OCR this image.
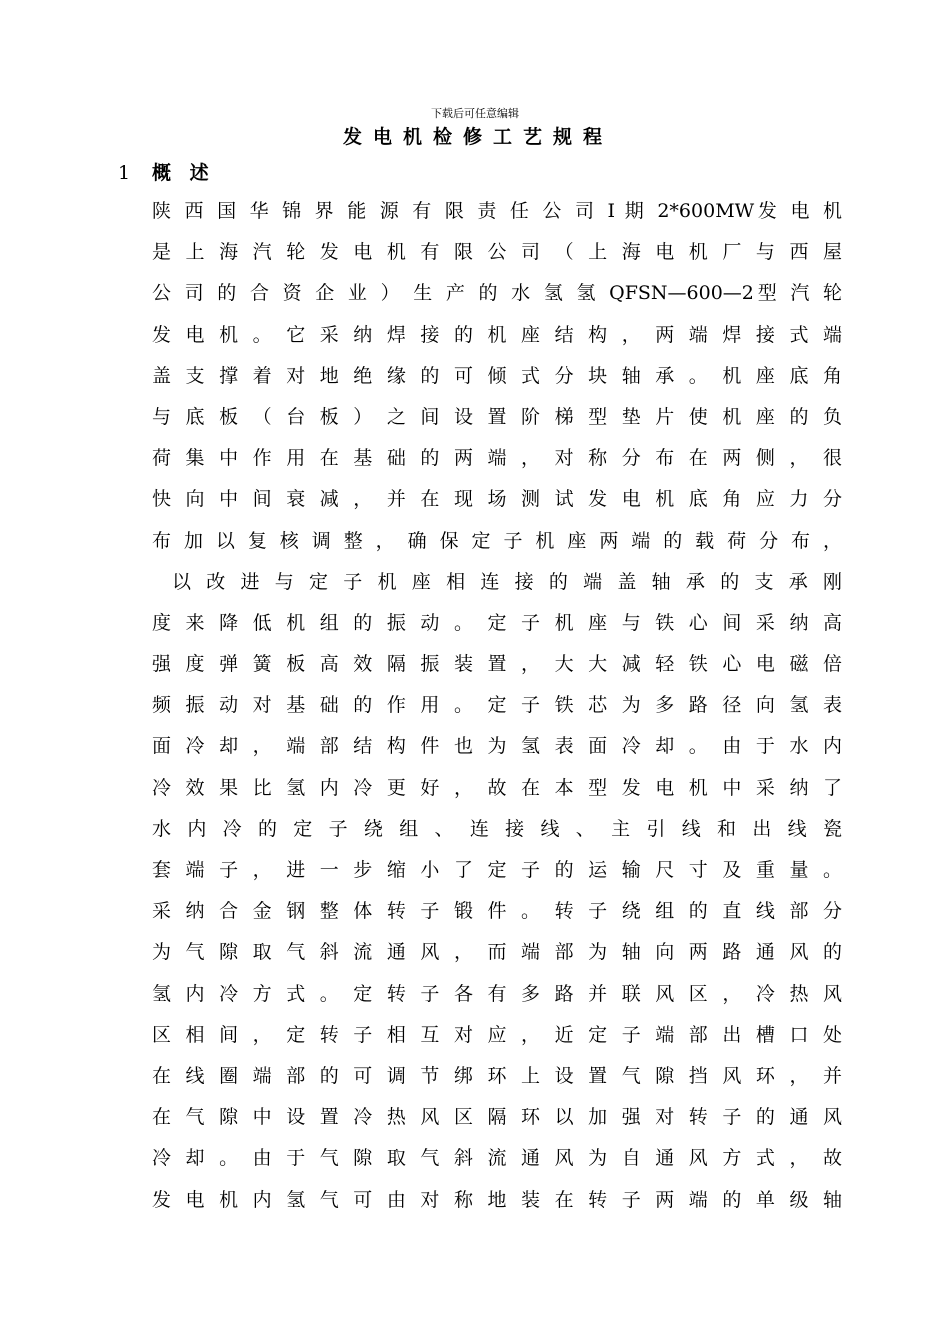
下载后可任意编辑
发电机检修工艺规程
1 概 述
陕 西 国 华 锦 界 能 源 有 限 责 任 公 司 I 期 2*600MW发 电 机
是 上 海 汽 轮 发 电 机 有 限 公 司 （ 上 海 电 机 厂 与 西 屋
公 司 的 合 资 企 业 ） 生 产 的 水 氢 氢 QFSN—600—2型 汽 轮
发 电 机 。 它 采 纳 焊 接 的 机 座 结 构 ， 两 端 焊 接 式 端
盖 支 撑 着 对 地 绝 缘 的 可 倾 式 分 块 轴 承 。 机 座 底 角
与 底 板 （ 台 板 ） 之 间 设 置 阶 梯 型 垫 片 使 机 座 的 负
荷 集 中 作 用 在 基 础 的 两 端 ， 对 称 分 布 在 两 侧 ， 很
快 向 中 间 衰 减 ， 并 在 现 场 测 试 发 电 机 底 角 应 力 分
布 加 以 复 核 调 整 ， 确 保 定 子 机 座 两 端 的 载 荷 分 布 ，
以 改 进 与 定 子 机 座 相 连 接 的 端 盖 轴 承 的 支 承 刚
度 来 降 低 机 组 的 振 动 。 定 子 机 座 与 铁 心 间 采 纳 高
强 度 弹 簧 板 高 效 隔 振 装 置 ， 大 大 减 轻 铁 心 电 磁 倍
频 振 动 对 基 础 的 作 用 。 定 子 铁 芯 为 多 路 径 向 氢 表
面 冷 却 ， 端 部 结 构 件 也 为 氢 表 面 冷 却 。 由 于 水 内
冷 效 果 比 氢 内 冷 更 好 ， 故 在 本 型 发 电 机 中 采 纳 了
水 内 冷 的 定 子 绕 组 、 连 接 线 、 主 引 线 和 出 线 瓷
套 端 子 ， 进 一 步 缩 小 了 定 子 的 运 输 尺 寸 及 重 量 。
采 纳 合 金 钢 整 体 转 子 锻 件 。 转 子 绕 组 的 直 线 部 分
为 气 隙 取 气 斜 流 通 风 ， 而 端 部 为 轴 向 两 路 通 风 的
氢 内 冷 方 式 。 定 转 子 各 有 多 路 并 联 风 区 ， 冷 热 风
区 相 间 ， 定 转 子 相 互 对 应 ， 近 定 子 端 部 出 槽 口 处
在 线 圈 端 部 的 可 调 节 绑 环 上 设 置 气 隙 挡 风 环 ， 并
在 气 隙 中 设 置 冷 热 风 区 隔 环 以 加 强 对 转 子 的 通 风
冷 却 。 由 于 气 隙 取 气 斜 流 通 风 为 自 通 风 方 式 ， 故
发 电 机 内 氢 气 可 由 对 称 地 装 在 转 子 两 端 的 单 级 轴
